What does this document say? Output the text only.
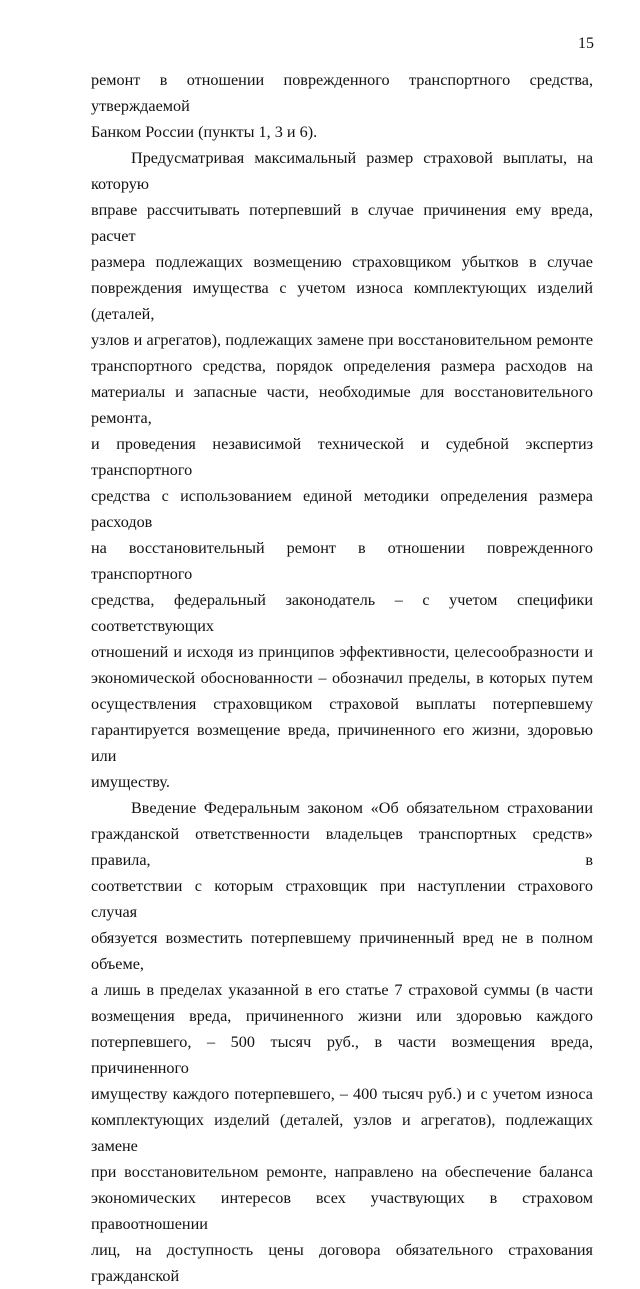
15
ремонт в отношении поврежденного транспортного средства, утверждаемой
Банком России (пункты 1, 3 и 6).
Предусматривая максимальный размер страховой выплаты, на которую
вправе рассчитывать потерпевший в случае причинения ему вреда, расчет
размера подлежащих возмещению страховщиком убытков в случае
повреждения имущества с учетом износа комплектующих изделий (деталей,
узлов и агрегатов), подлежащих замене при восстановительном ремонте
транспортного средства, порядок определения размера расходов на
материалы и запасные части, необходимые для восстановительного ремонта,
и проведения независимой технической и судебной экспертиз транспортного
средства с использованием единой методики определения размера расходов
на восстановительный ремонт в отношении поврежденного транспортного
средства, федеральный законодатель – с учетом специфики соответствующих
отношений и исходя из принципов эффективности, целесообразности и
экономической обоснованности – обозначил пределы, в которых путем
осуществления страховщиком страховой выплаты потерпевшему
гарантируется возмещение вреда, причиненного его жизни, здоровью или
имуществу.
Введение Федеральным законом «Об обязательном страховании
гражданской ответственности владельцев транспортных средств» правила, в
соответствии с которым страховщик при наступлении страхового случая
обязуется возместить потерпевшему причиненный вред не в полном объеме,
а лишь в пределах указанной в его статье 7 страховой суммы (в части
возмещения вреда, причиненного жизни или здоровью каждого
потерпевшего, – 500 тысяч руб., в части возмещения вреда, причиненного
имуществу каждого потерпевшего, – 400 тысяч руб.) и с учетом износа
комплектующих изделий (деталей, узлов и агрегатов), подлежащих замене
при восстановительном ремонте, направлено на обеспечение баланса
экономических интересов всех участвующих в страховом правоотношении
лиц, на доступность цены договора обязательного страхования гражданской
